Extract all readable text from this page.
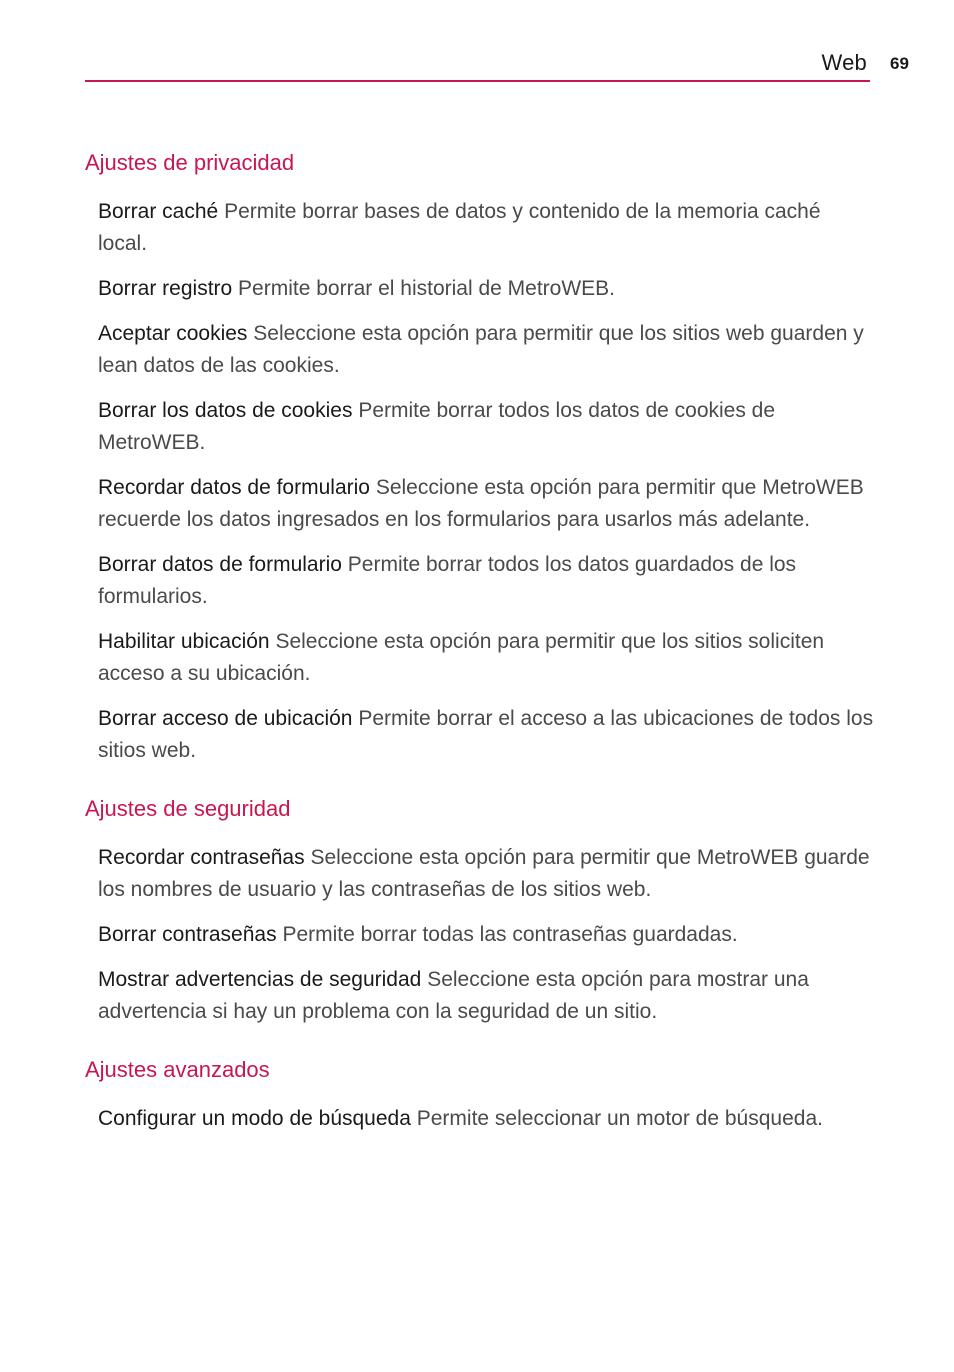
Web 69
Ajustes de privacidad

Borrar caché Permite borrar bases de datos y contenido de la memoria caché local.

Borrar registro Permite borrar el historial de MetroWEB.

Aceptar cookies Seleccione esta opción para permitir que los sitios web guarden y lean datos de las cookies.

Borrar los datos de cookies Permite borrar todos los datos de cookies de MetroWEB.

Recordar datos de formulario Seleccione esta opción para permitir que MetroWEB recuerde los datos ingresados en los formularios para usarlos más adelante.

Borrar datos de formulario Permite borrar todos los datos guardados de los formularios.

Habilitar ubicación Seleccione esta opción para permitir que los sitios soliciten acceso a su ubicación.

Borrar acceso de ubicación Permite borrar el acceso a las ubicaciones de todos los sitios web.

Ajustes de seguridad

Recordar contraseñas Seleccione esta opción para permitir que MetroWEB guarde los nombres de usuario y las contraseñas de los sitios web.

Borrar contraseñas Permite borrar todas las contraseñas guardadas.

Mostrar advertencias de seguridad Seleccione esta opción para mostrar una advertencia si hay un problema con la seguridad de un sitio.

Ajustes avanzados

Configurar un modo de búsqueda Permite seleccionar un motor de búsqueda.
